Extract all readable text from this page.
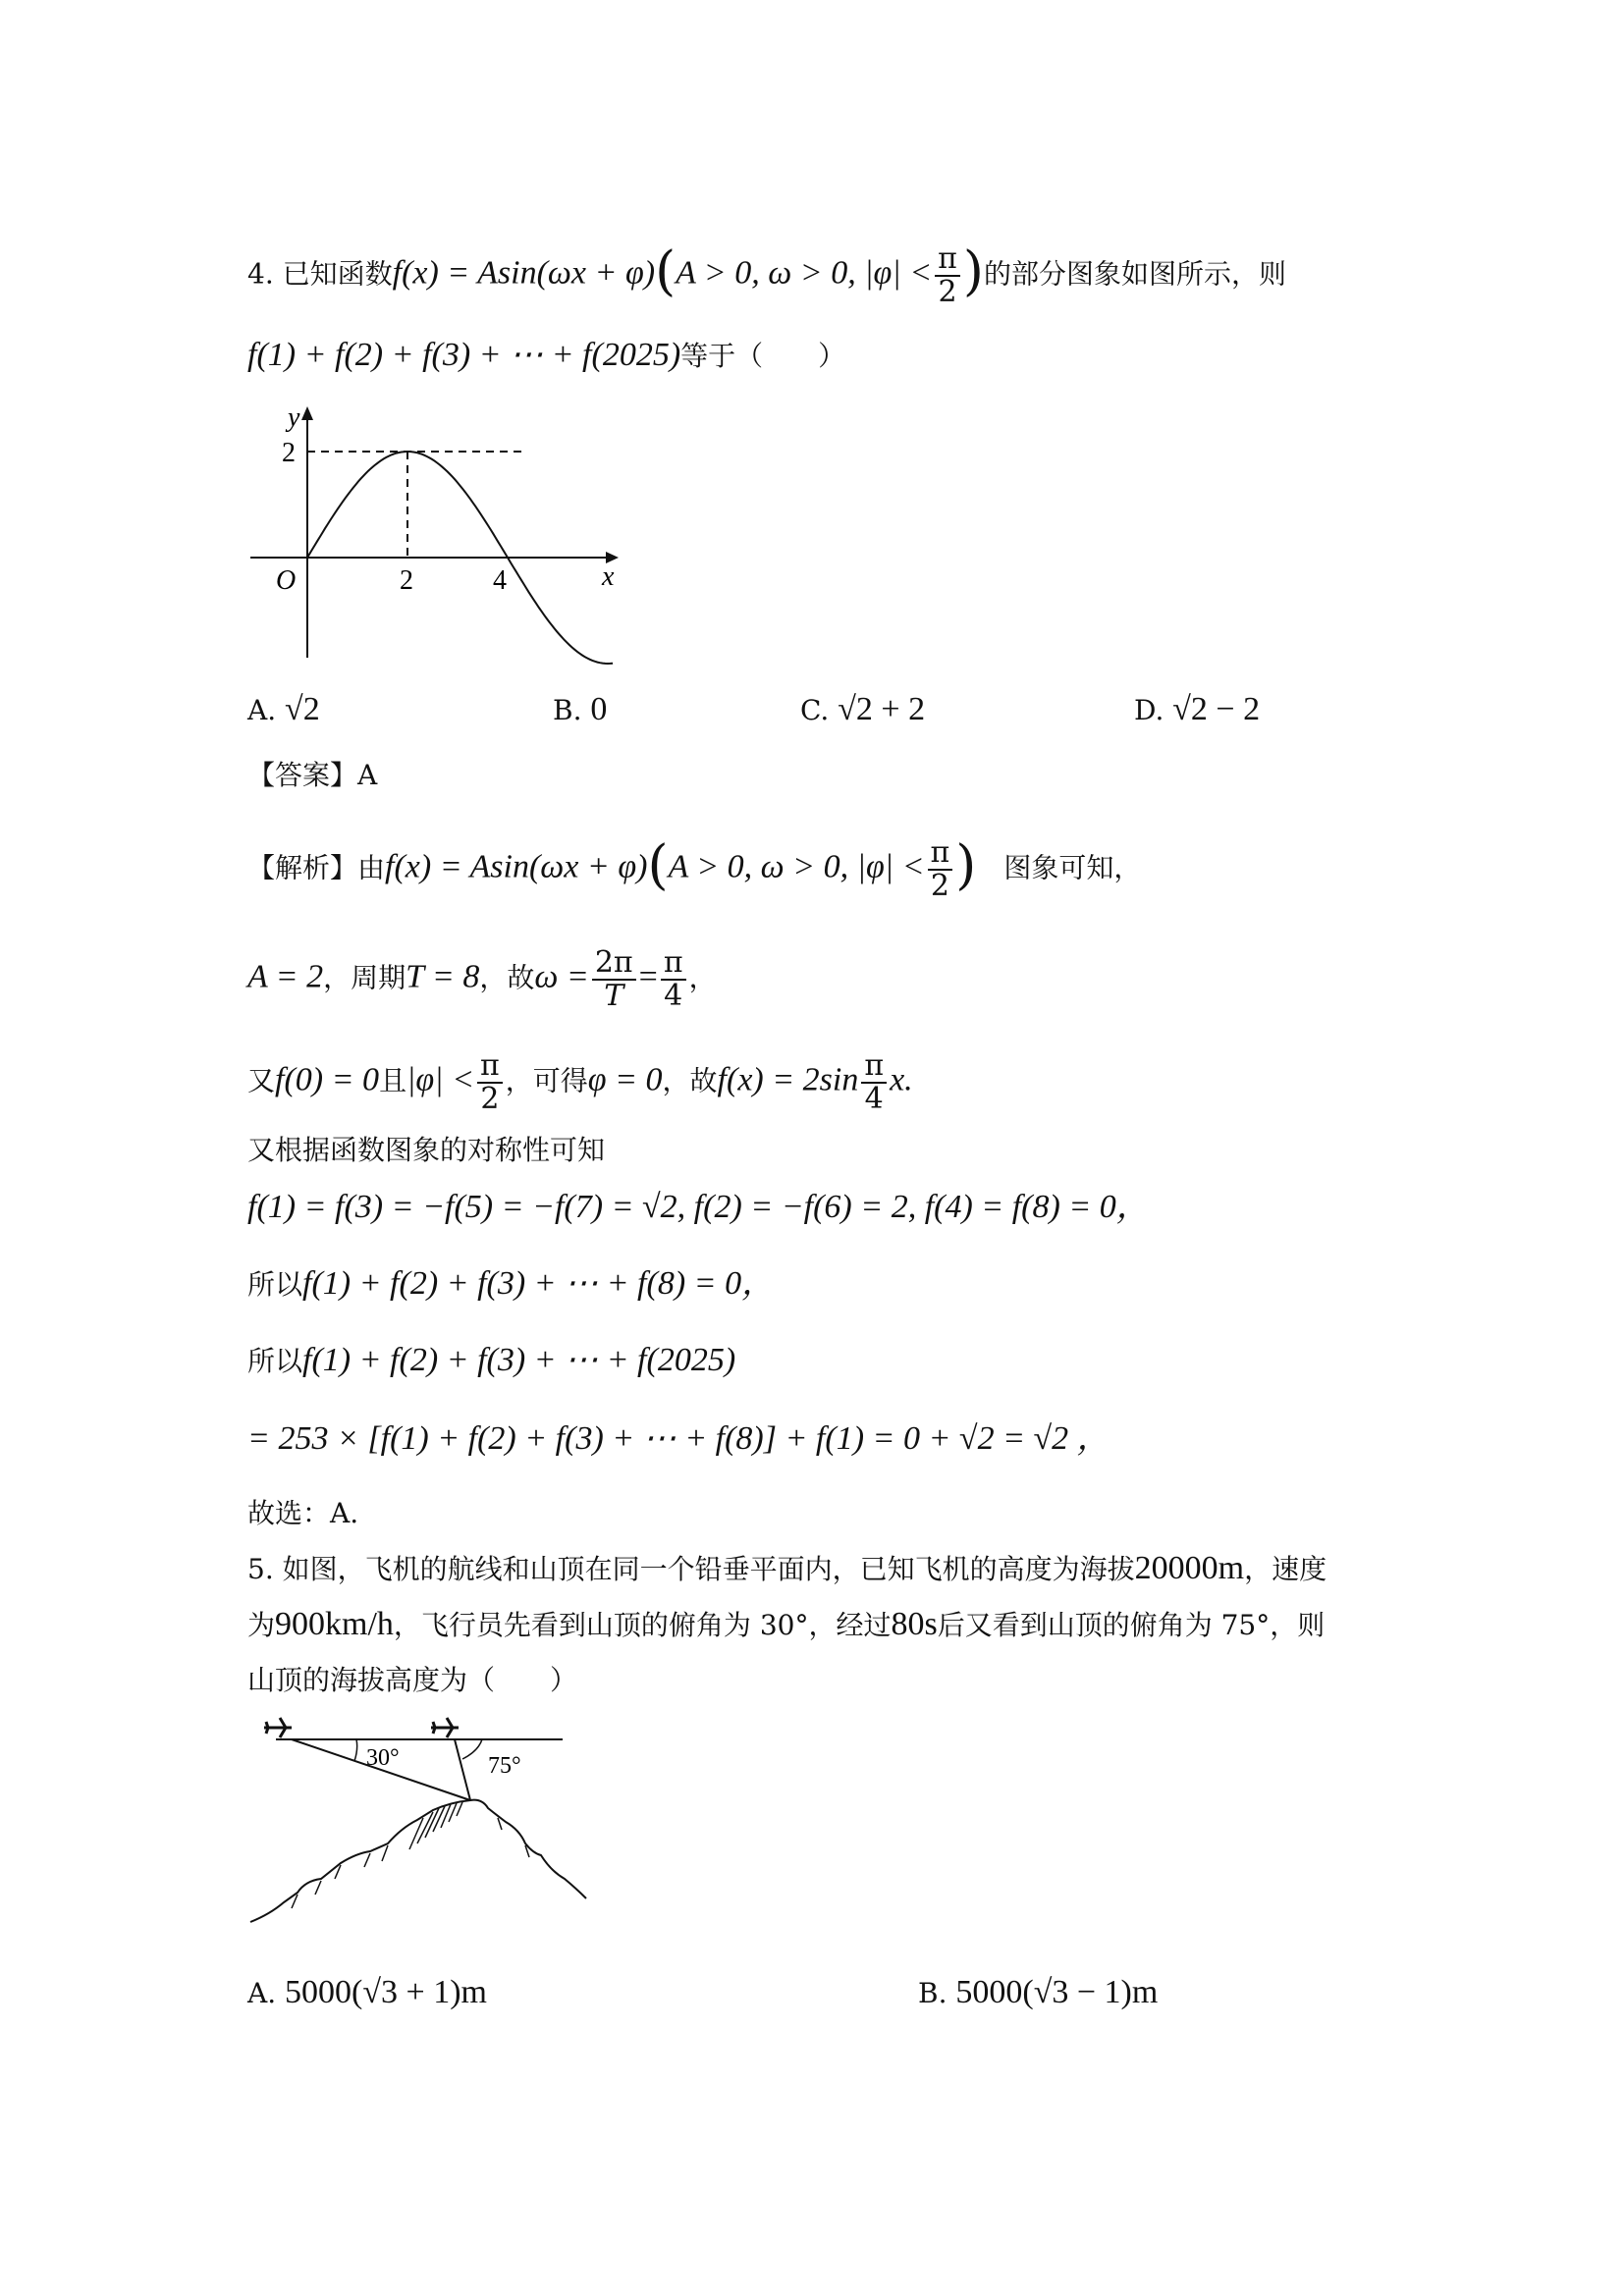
4. 已知函数f(x) = Asin(ωx + φ)(A > 0, ω > 0, $|\varphi| < \frac{\pi}{2}$ )的部分图象如图所示，则
f(1) + f(2) + f(3) + ⋯ + f(2025)等于（　　）
y
2
O	2	4	x
A. √2	B. 0	C. √2 + 2	D. √2 − 2
【答案】A
【解析】由f(x) = Asin(ωx + φ)(A > 0, ω > 0, $|\varphi| < \frac{\pi}{2}$ )　 图象可知，
A = 2，周期T = 8，故$\omega = \frac{2\pi}{T} = \frac{\pi}{4}$ ，
又f(0) = 0且$|\varphi| < \frac{\pi}{2}$ ，可得φ = 0，故$f(x) = 2\sin \frac{\pi}{4} x$.
又根据函数图象的对称性可知
f(1) = f(3) = −f(5) = −f(7) = √2, f(2) = −f(6) = 2, f(4) = f(8) = 0，
所以f(1) + f(2) + f(3) + ⋯ + f(8) = 0，
所以f(1) + f(2) + f(3) + ⋯ + f(2025)
= 253 × [f(1) + f(2) + f(3) + ⋯ + f(8)] + f(1) = 0 + √2 = √2 ，
故选：A.
5. 如图，飞机的航线和山顶在同一个铅垂平面内，已知飞机的高度为海拔20000m，速度
为900km/h，飞行员先看到山顶的俯角为 30°，经过80s后又看到山顶的俯角为 75°，则
山顶的海拔高度为（　　）
30°	75°
A. 5000(√3 + 1)m	B. 5000(√3 − 1)m
